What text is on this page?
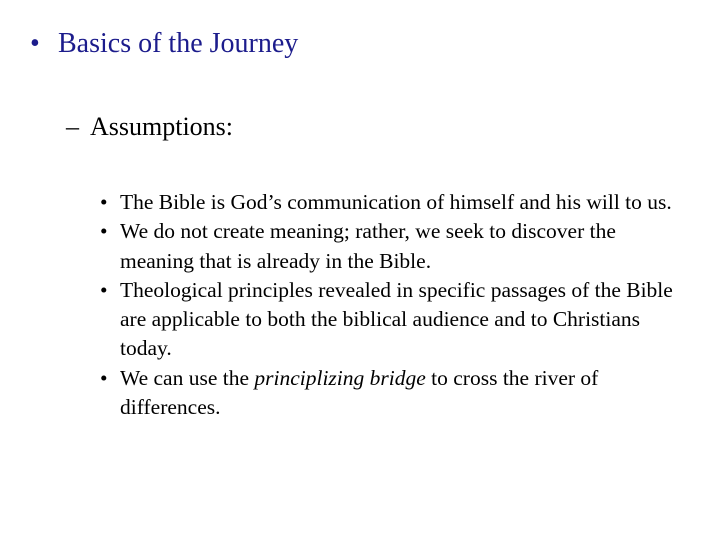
• Basics of the Journey
– Assumptions:
• The Bible is God’s communication of himself and his will to us.
• We do not create meaning; rather, we seek to discover the meaning that is already in the Bible.
• Theological principles revealed in specific passages of the Bible are applicable to both the biblical audience and to Christians today.
• We can use the principlizing bridge to cross the river of differences.
